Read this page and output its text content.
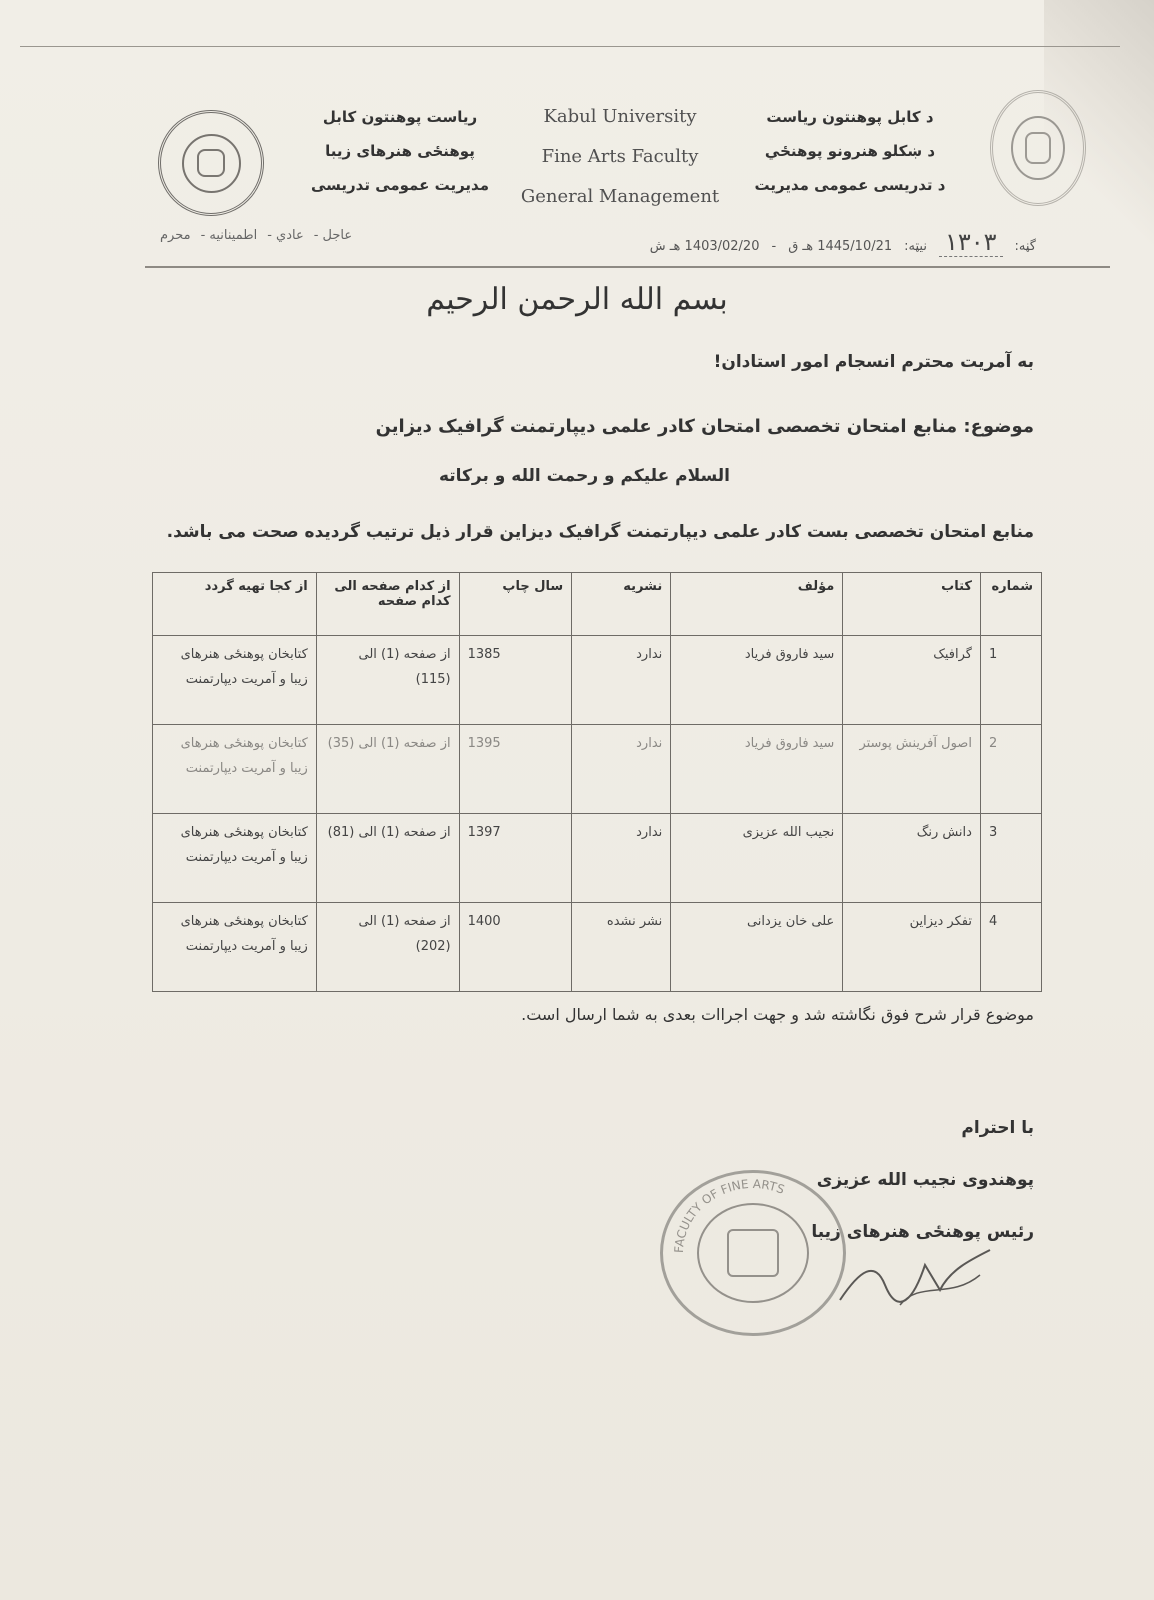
ریاست پوهنتون کابل
پوهنځی هنرهای زیبا
مدیریت عمومی تدریسی
Kabul University
Fine Arts Faculty
General Management
د کابل پوهنتون ریاست
د ښکلو هنرونو پوهنځي
د تدریسی عمومی مدیریت
گڼه:
۱۳۰۳
نیټه:
1445/10/21 هـ ق
-
1403/02/20 هـ ش
عاجل -
عادي -
اطمینانیه -
محرم
بسم الله الرحمن الرحیم
به آمریت محترم انسجام امور استادان!
موضوع: منابع امتحان تخصصی امتحان کادر علمی دیپارتمنت گرافیک دیزاین
السلام علیکم و رحمت الله و برکاته
منابع امتحان تخصصی بست کادر علمی دیپارتمنت گرافیک دیزاین قرار ذیل ترتیب گردیده صحت می باشد.
شماره	کتاب	مؤلف	نشریه	سال چاپ	از کدام صفحه الی کدام صفحه	از کجا تهیه گردد
1	گرافیک	سید فاروق فریاد	ندارد	1385	از صفحه (1) الی (115)	کتابخان پوهنځی هنرهای زیبا و آمریت دیپارتمنت
2	اصول آفرینش پوستر	سید فاروق فریاد	ندارد	1395	از صفحه (1) الی (35)	کتابخان پوهنځی هنرهای زیبا و آمریت دیپارتمنت
3	دانش رنگ	نجیب الله عزیزی	ندارد	1397	از صفحه (1) الی (81)	کتابخان پوهنځی هنرهای زیبا و آمریت دیپارتمنت
4	تفکر دیزاین	علی خان یزدانی	نشر نشده	1400	از صفحه (1) الی (202)	کتابخان پوهنځی هنرهای زیبا و آمریت دیپارتمنت
موضوع قرار شرح فوق نگاشته شد و جهت اجراات بعدی به شما ارسال است.
با احترام
پوهندوی نجیب الله عزیزی
رئیس پوهنځی هنرهای زیبا
FACULTY OF FINE ARTS
